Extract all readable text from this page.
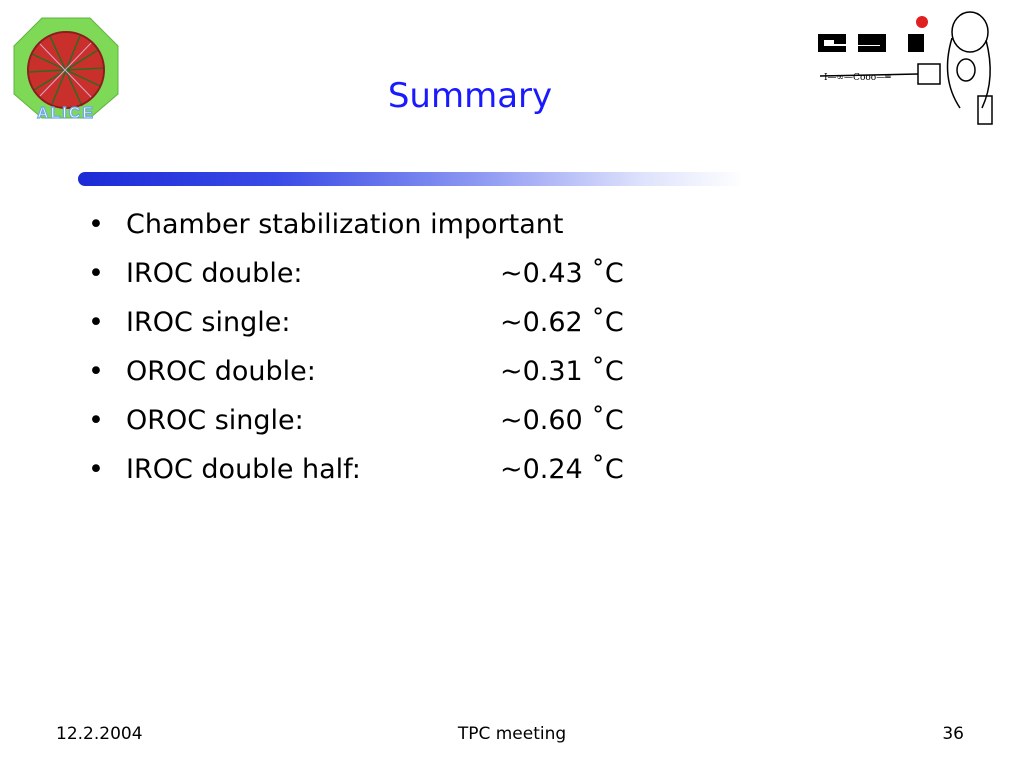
ALICE
I—∞—Cooo—═
Summary
• Chamber stabilization important
• IROC double:	~0.43 ˚C
• IROC single:	~0.62 ˚C
• OROC double:	~0.31 ˚C
• OROC single:	~0.60 ˚C
• IROC double half:	~0.24 ˚C
12.2.2004	TPC meeting	36
